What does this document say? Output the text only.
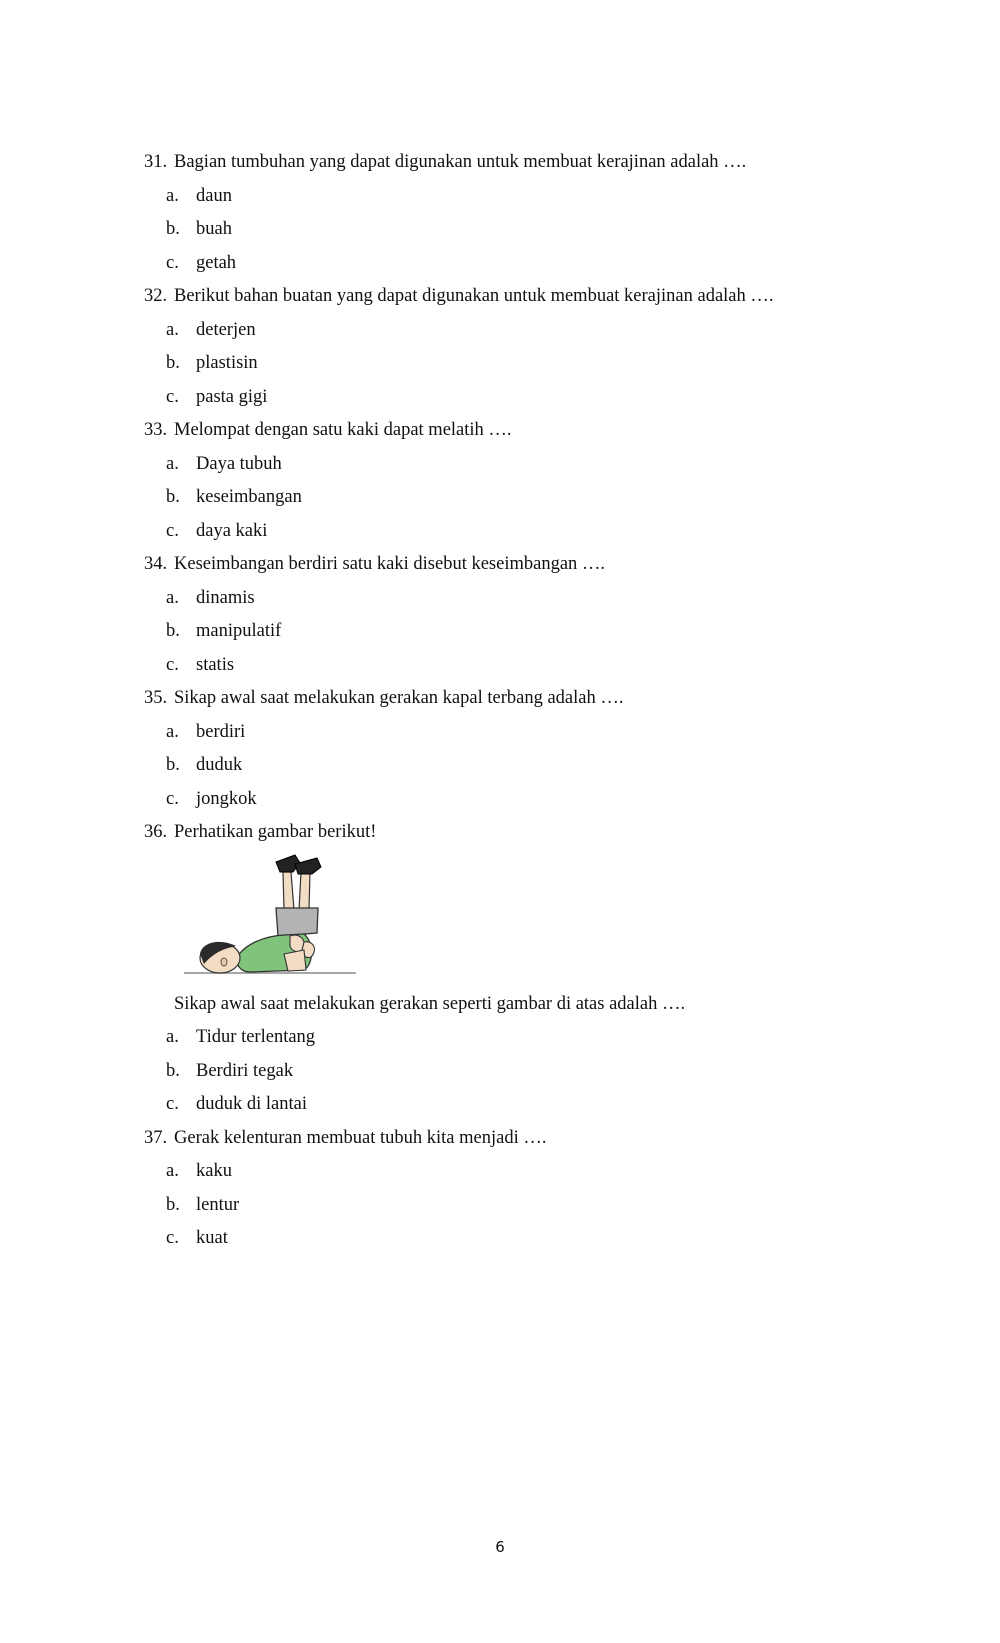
31. Bagian tumbuhan yang dapat digunakan untuk membuat kerajinan adalah ….
a. daun
b. buah
c. getah
32. Berikut bahan buatan yang dapat digunakan untuk membuat kerajinan adalah ….
a. deterjen
b. plastisin
c. pasta gigi
33. Melompat dengan satu kaki dapat melatih ….
a. Daya tubuh
b. keseimbangan
c. daya kaki
34. Keseimbangan berdiri satu kaki disebut keseimbangan ….
a. dinamis
b. manipulatif
c. statis
35. Sikap awal saat melakukan gerakan kapal terbang adalah ….
a. berdiri
b. duduk
c. jongkok
36. Perhatikan gambar berikut!
Sikap awal saat melakukan gerakan seperti gambar di atas adalah ….
a. Tidur terlentang
b. Berdiri tegak
c. duduk di lantai
37. Gerak kelenturan membuat tubuh kita menjadi ….
a. kaku
b. lentur
c. kuat
6
